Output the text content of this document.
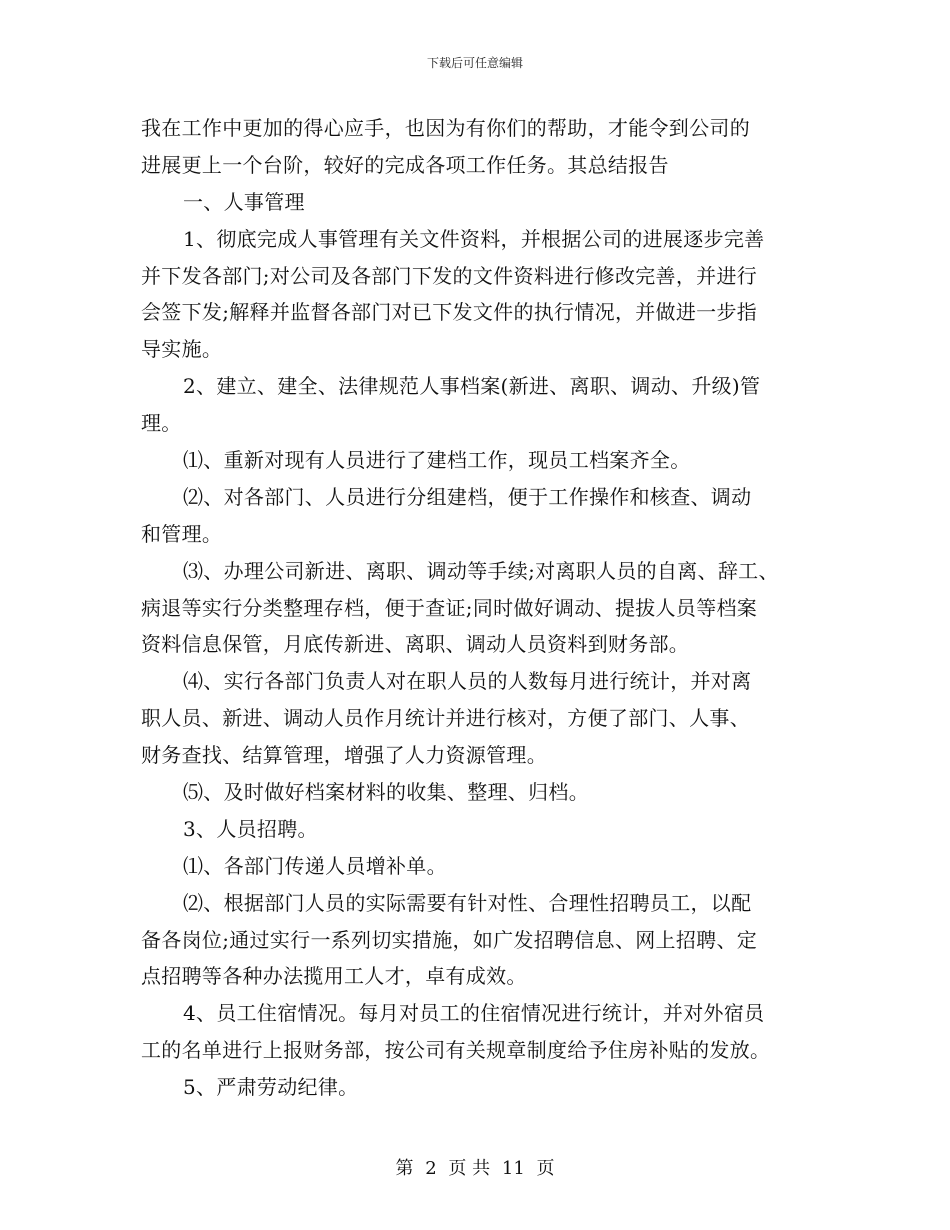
下载后可任意编辑
我在工作中更加的得心应手，也因为有你们的帮助，才能令到公司的
进展更上一个台阶，较好的完成各项工作任务。其总结报告
一、人事管理
1、彻底完成人事管理有关文件资料，并根据公司的进展逐步完善
并下发各部门;对公司及各部门下发的文件资料进行修改完善，并进行
会签下发;解释并监督各部门对已下发文件的执行情况，并做进一步指
导实施。
2、建立、建全、法律规范人事档案(新进、离职、调动、升级)管
理。
⑴、重新对现有人员进行了建档工作，现员工档案齐全。
⑵、对各部门、人员进行分组建档，便于工作操作和核查、调动
和管理。
⑶、办理公司新进、离职、调动等手续;对离职人员的自离、辞工、
病退等实行分类整理存档，便于查证;同时做好调动、提拔人员等档案
资料信息保管，月底传新进、离职、调动人员资料到财务部。
⑷、实行各部门负责人对在职人员的人数每月进行统计，并对离
职人员、新进、调动人员作月统计并进行核对，方便了部门、人事、
财务查找、结算管理，增强了人力资源管理。
⑸、及时做好档案材料的收集、整理、归档。
3、人员招聘。
⑴、各部门传递人员增补单。
⑵、根据部门人员的实际需要有针对性、合理性招聘员工，以配
备各岗位;通过实行一系列切实措施，如广发招聘信息、网上招聘、定
点招聘等各种办法揽用工人才，卓有成效。
4、员工住宿情况。每月对员工的住宿情况进行统计，并对外宿员
工的名单进行上报财务部，按公司有关规章制度给予住房补贴的发放。
5、严肃劳动纪律。
第 2 页 共 11 页
